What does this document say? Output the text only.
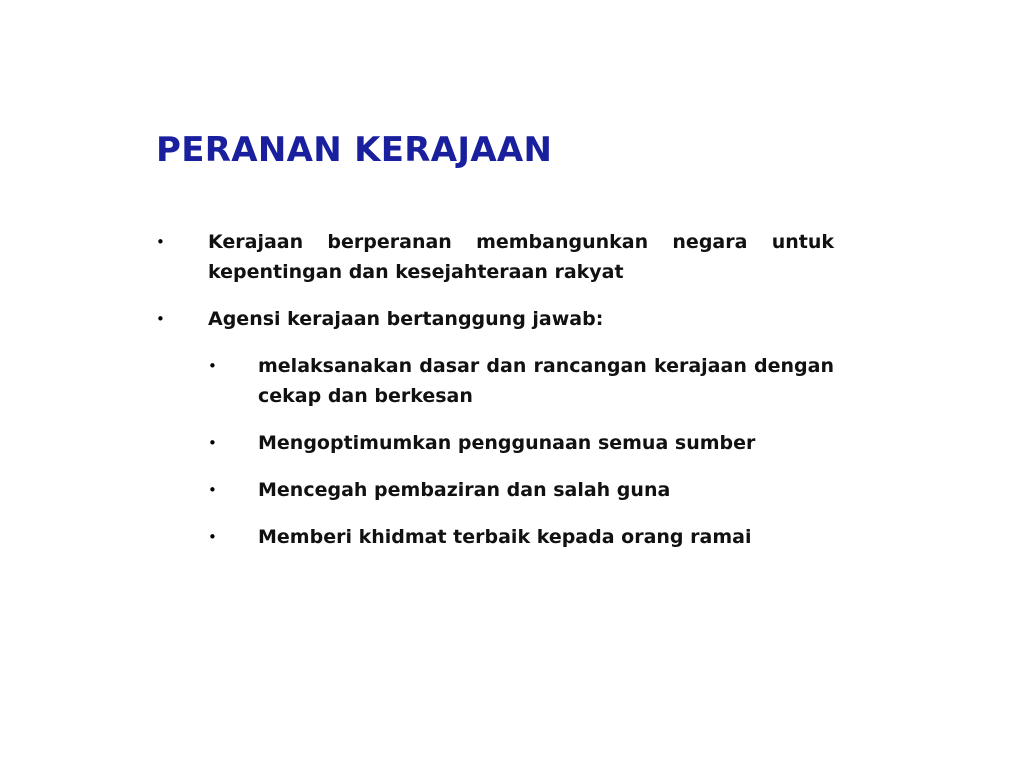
PERANAN KERAJAAN
• Kerajaan berperanan membangunkan negara untuk kepentingan dan kesejahteraan rakyat
• Agensi kerajaan bertanggung jawab:
• melaksanakan dasar dan rancangan kerajaan dengan cekap dan berkesan
• Mengoptimumkan penggunaan semua sumber
• Mencegah pembaziran dan salah guna
• Memberi khidmat terbaik kepada orang ramai
